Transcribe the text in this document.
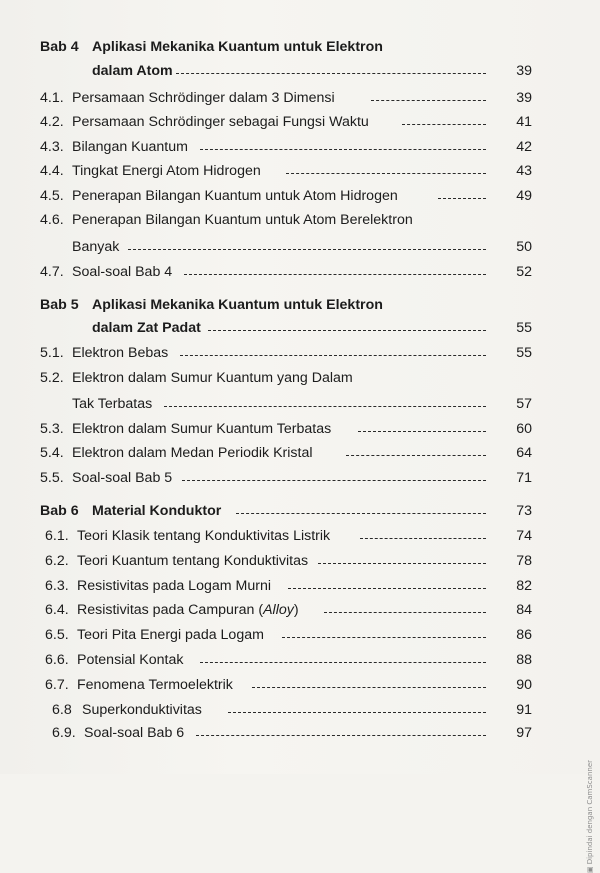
Bab 4 Aplikasi Mekanika Kuantum untuk Elektron
dalam Atom	39
4.1. Persamaan Schrödinger dalam 3 Dimensi	39
4.2. Persamaan Schrödinger sebagai Fungsi Waktu	41
4.3. Bilangan Kuantum	42
4.4. Tingkat Energi Atom Hidrogen	43
4.5. Penerapan Bilangan Kuantum untuk Atom Hidrogen	49
4.6. Penerapan Bilangan Kuantum untuk Atom Berelektron
Banyak	50
4.7. Soal-soal Bab 4	52
Bab 5 Aplikasi Mekanika Kuantum untuk Elektron
dalam Zat Padat	55
5.1. Elektron Bebas	55
5.2. Elektron dalam Sumur Kuantum yang Dalam
Tak Terbatas	57
5.3. Elektron dalam Sumur Kuantum Terbatas	60
5.4. Elektron dalam Medan Periodik Kristal	64
5.5. Soal-soal Bab 5	71
Bab 6 Material Konduktor	73
6.1. Teori Klasik tentang Konduktivitas Listrik	74
6.2. Teori Kuantum tentang Konduktivitas	78
6.3. Resistivitas pada Logam Murni	82
6.4. Resistivitas pada Campuran (Alloy)	84
6.5. Teori Pita Energi pada Logam	86
6.6. Potensial Kontak	88
6.7. Fenomena Termoelektrik	90
6.8 Superkonduktivitas	91
6.9. Soal-soal Bab 6	97
▣ Dipindai dengan CamScanner
